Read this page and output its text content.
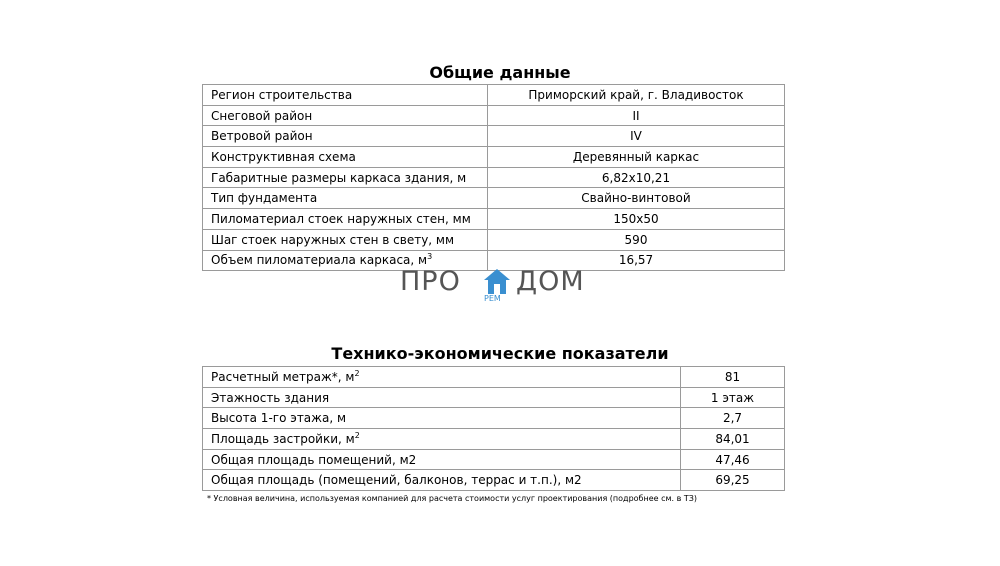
Общие данные
Регион строительства	Приморский край, г. Владивосток
Снеговой район	II
Ветровой район	IV
Конструктивная схема	Деревянный каркас
Габаритные размеры каркаса здания, м	6,82x10,21
Тип фундамента	Свайно-винтовой
Пиломатериал стоек наружных стен, мм	150x50
Шаг стоек наружных стен в свету, мм	590
Объем пиломатериала каркаса, $м^3$	16,57
ПРО
РЕМ
ДОМ
Технико-экономические показатели
Расчетный метраж*, $м^2$	81
Этажность здания	1 этаж
Высота 1-го этажа, м	2,7
Площадь застройки, $м^2$	84,01
Общая площадь помещений, м2	47,46
Общая площадь (помещений, балконов, террас и т.п.), м2	69,25
* Условная величина, используемая компанией для расчета стоимости услуг проектирования (подробнее см. в ТЗ)
